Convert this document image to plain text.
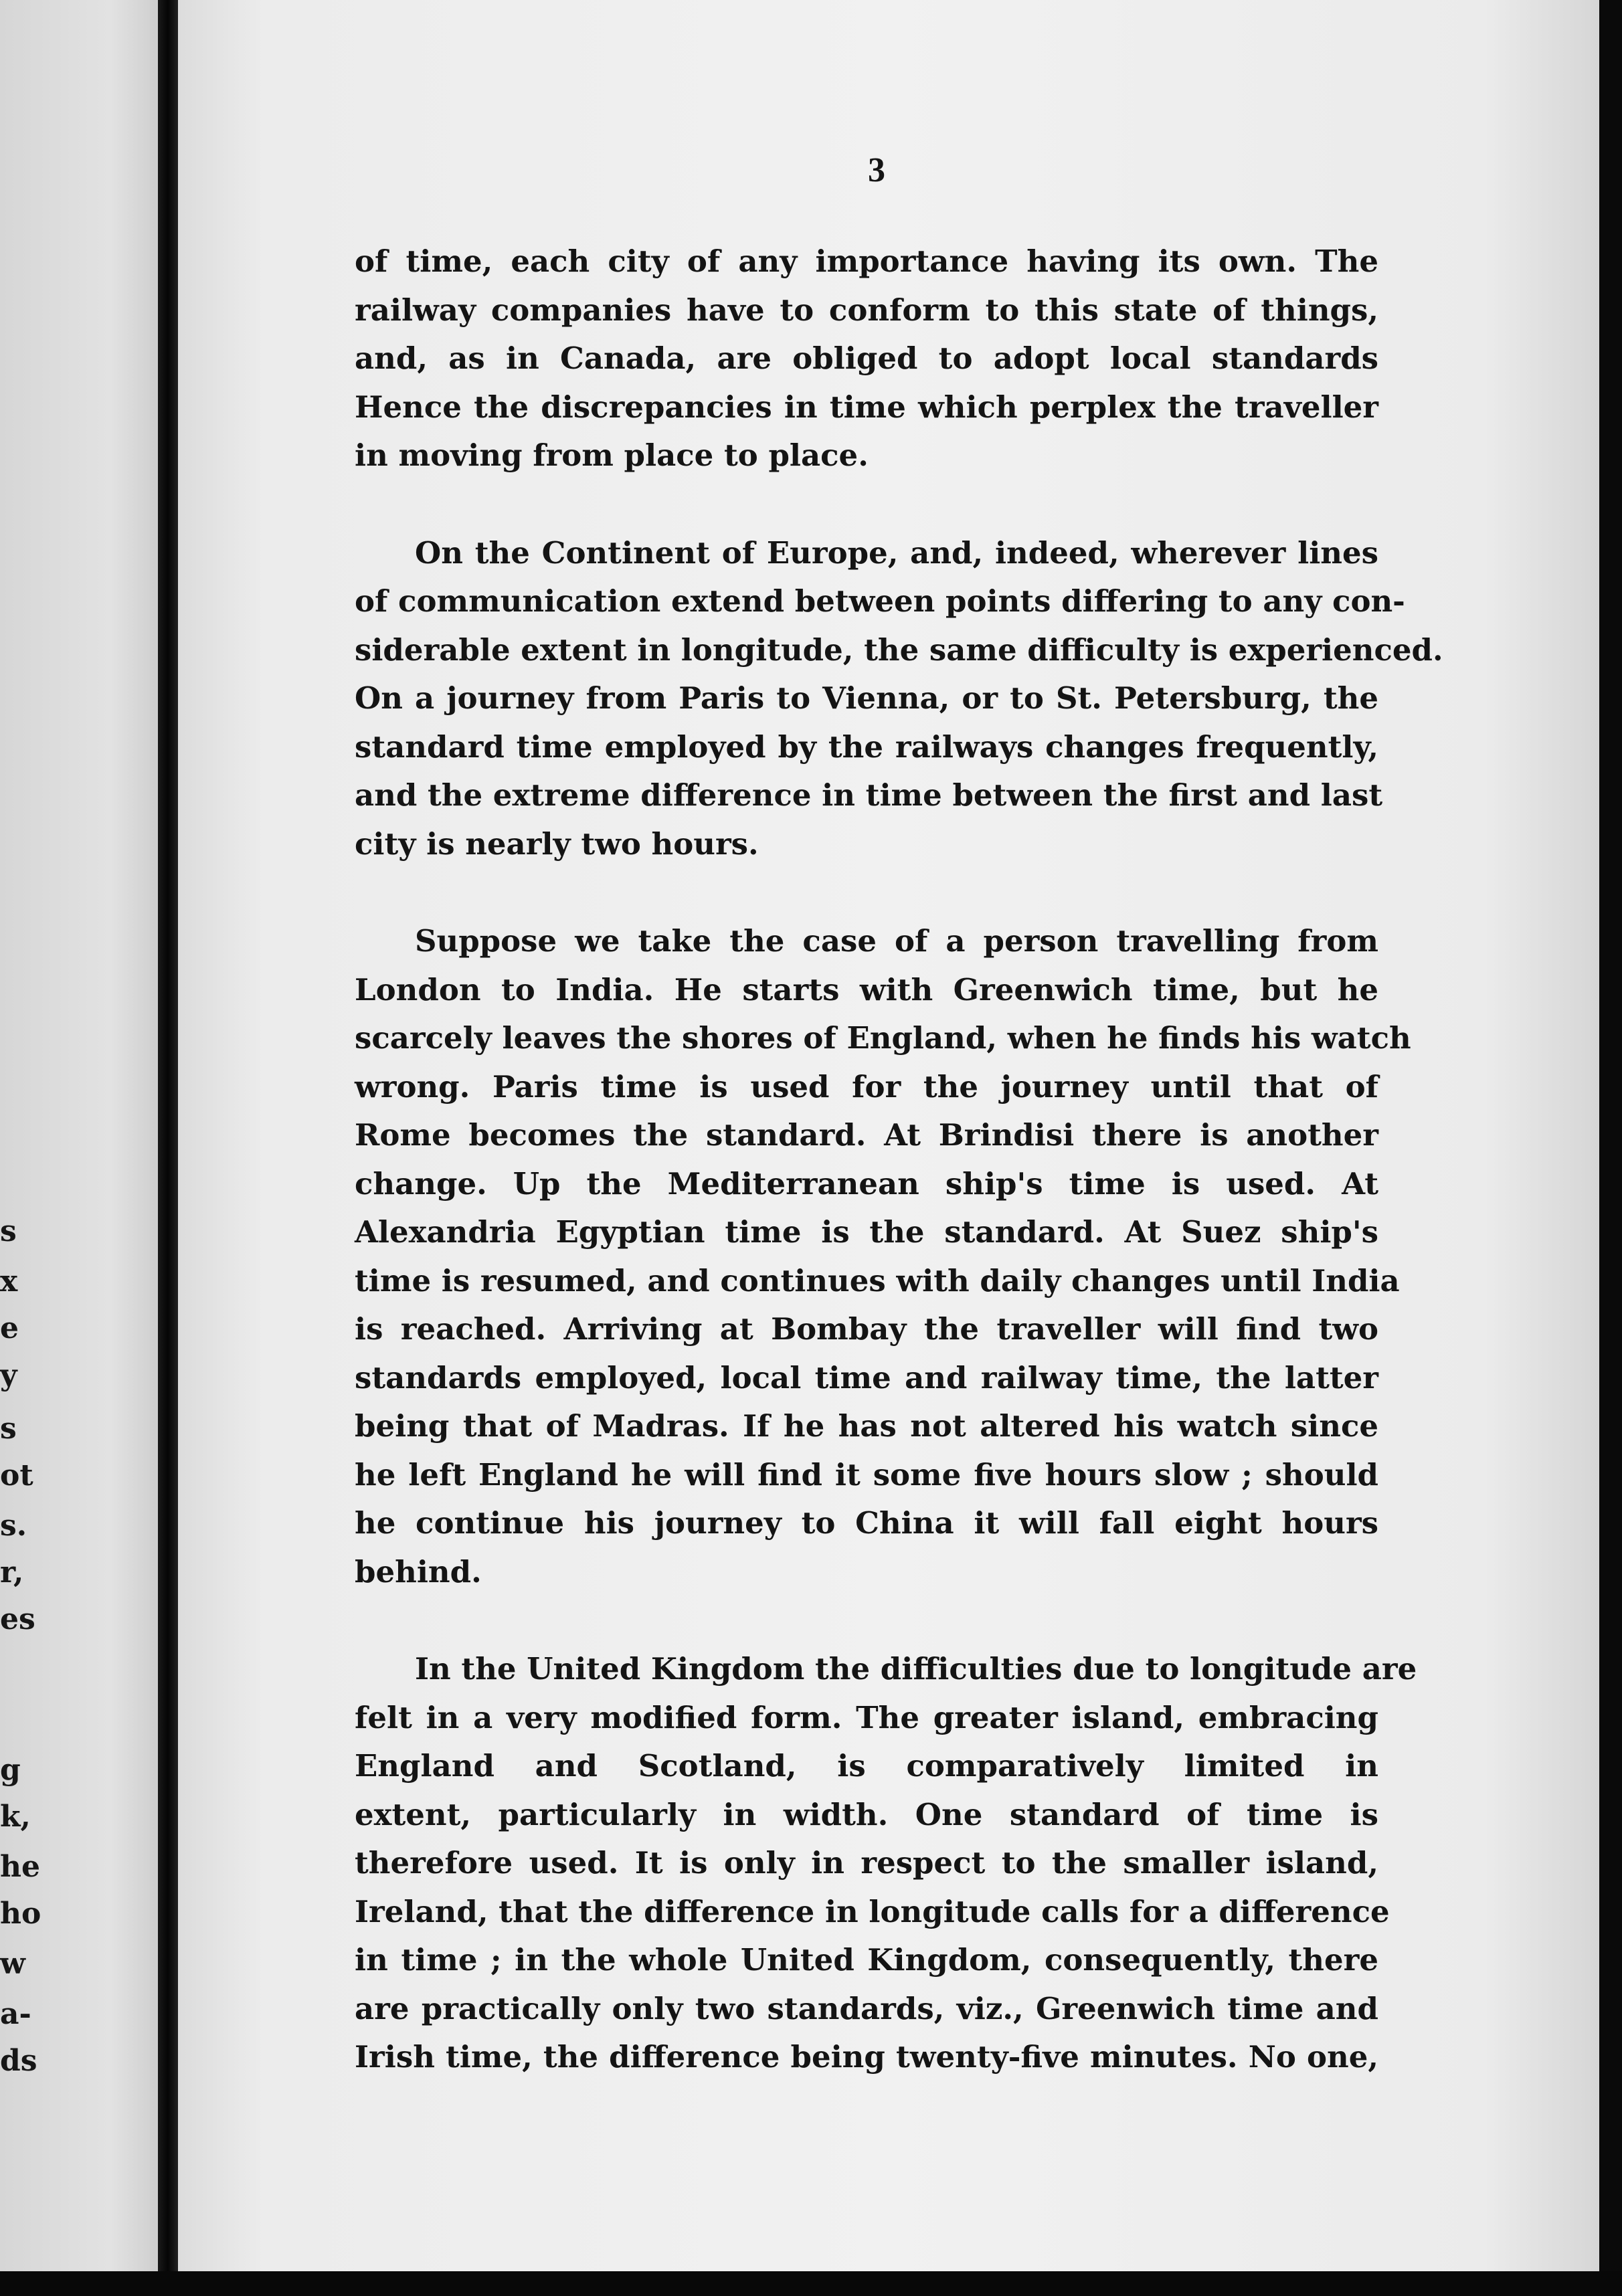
s
x
e
y
s
ot
s.
r,
es
g
k,
he
ho
w
a-
ds
3
of time, each city of any importance having its own. The
railway companies have to conform to this state of things,
and, as in Canada, are obliged to adopt local standards
Hence the discrepancies in time which perplex the traveller
in moving from place to place.
On the Continent of Europe, and, indeed, wherever lines
of communication extend between points differing to any con-
siderable extent in longitude, the same difficulty is experienced.
On a journey from Paris to Vienna, or to St. Petersburg, the
standard time employed by the railways changes frequently,
and the extreme difference in time between the first and last
city is nearly two hours.
Suppose we take the case of a person travelling from
London to India. He starts with Greenwich time, but he
scarcely leaves the shores of England, when he finds his watch
wrong. Paris time is used for the journey until that of
Rome becomes the standard. At Brindisi there is another
change. Up the Mediterranean ship's time is used. At
Alexandria Egyptian time is the standard. At Suez ship's
time is resumed, and continues with daily changes until India
is reached. Arriving at Bombay the traveller will find two
standards employed, local time and railway time, the latter
being that of Madras. If he has not altered his watch since
he left England he will find it some five hours slow ; should
he continue his journey to China it will fall eight hours
behind.
In the United Kingdom the difficulties due to longitude are
felt in a very modified form. The greater island, embracing
England and Scotland, is comparatively limited in
extent, particularly in width. One standard of time is
therefore used. It is only in respect to the smaller island,
Ireland, that the difference in longitude calls for a difference
in time ; in the whole United Kingdom, consequently, there
are practically only two standards, viz., Greenwich time and
Irish time, the difference being twenty-five minutes. No one,
